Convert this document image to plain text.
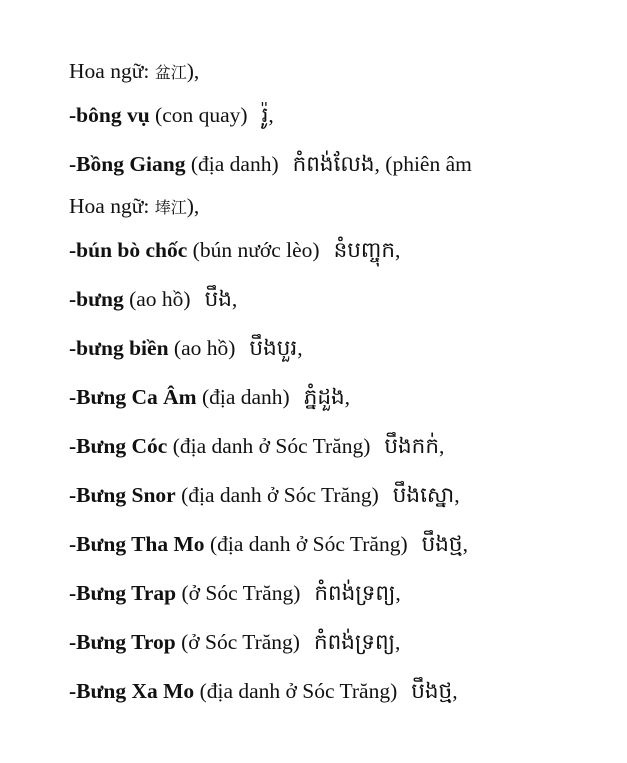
Hoa ngữ: 盆江),
-bông vụ (con quay) រ៉ូ,
-Bồng Giang (địa danh) កំពង់លែង, (phiên âm
Hoa ngữ: 埲江),
-bún bò chốc (bún nước lèo) នំបញ្ចុក,
-bưng (ao hồ) បឹង,
-bưng biền (ao hồ) បឹងបួរ,
-Bưng Ca Âm (địa danh) ភ្នំដួង,
-Bưng Cóc (địa danh ở Sóc Trăng) បឹងកក់,
-Bưng Snor (địa danh ở Sóc Trăng) បឹងស្នោ,
-Bưng Tha Mo (địa danh ở Sóc Trăng) បឹងថ្ម,
-Bưng Trap (ở Sóc Trăng) កំពង់ទ្រព្យ,
-Bưng Trop (ở Sóc Trăng) កំពង់ទ្រព្យ,
-Bưng Xa Mo (địa danh ở Sóc Trăng) បឹងថ្ម,
